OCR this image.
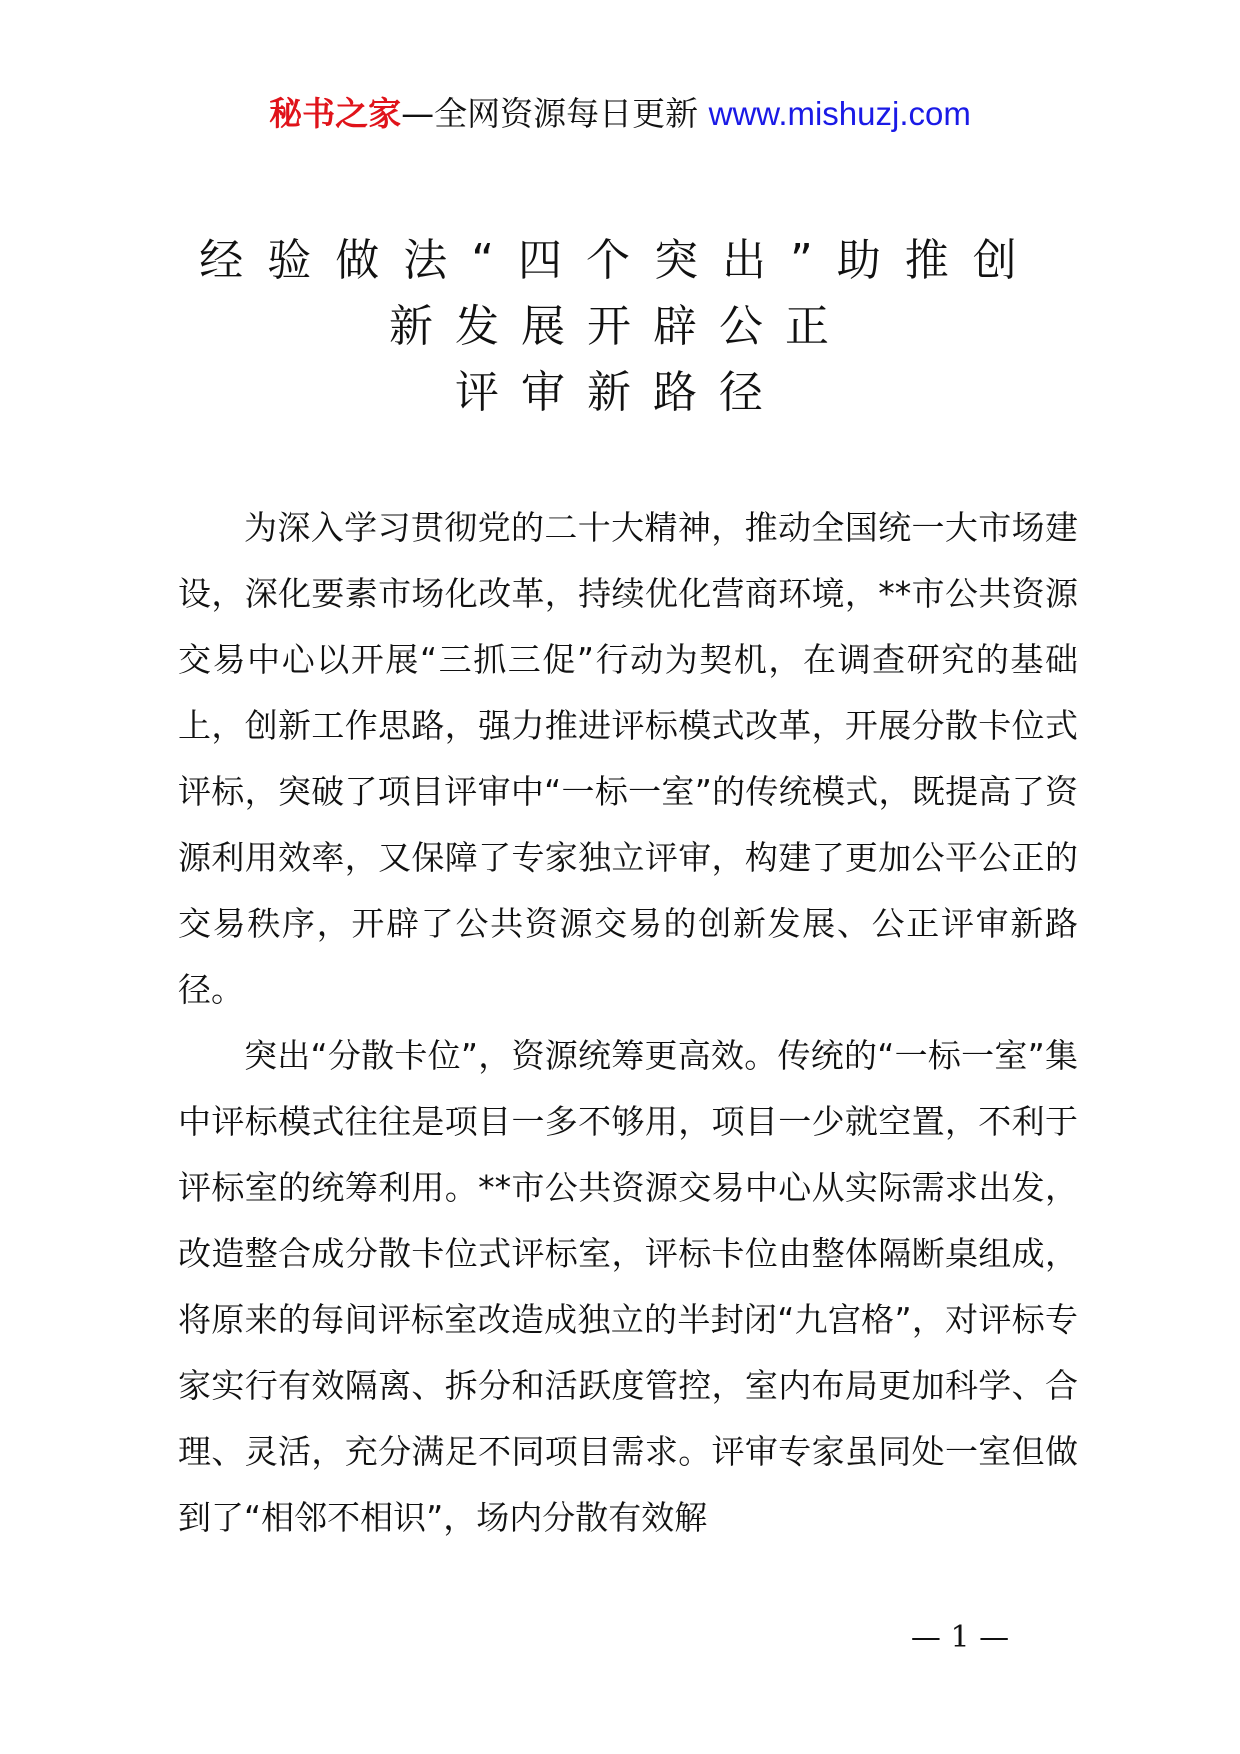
秘书之家—全网资源每日更新 www.mishuzj.com
经验做法“四个突出”助推创
新发展开辟公正
评审新路径

为深入学习贯彻党的二十大精神，推动全国统一大市场建设，深化要素市场化改革，持续优化营商环境，**市公共资源交易中心以开展“三抓三促”行动为契机，在调查研究的基础上，创新工作思路，强力推进评标模式改革，开展分散卡位式评标，突破了项目评审中“一标一室”的传统模式，既提高了资源利用效率，又保障了专家独立评审，构建了更加公平公正的交易秩序，开辟了公共资源交易的创新发展、公正评审新路径。

突出“分散卡位”，资源统筹更高效。传统的“一标一室”集中评标模式往往是项目一多不够用，项目一少就空置，不利于评标室的统筹利用。**市公共资源交易中心从实际需求出发，改造整合成分散卡位式评标室，评标卡位由整体隔断桌组成，将原来的每间评标室改造成独立的半封闭“九宫格”，对评标专家实行有效隔离、拆分和活跃度管控，室内布局更加科学、合理、灵活，充分满足不同项目需求。评审专家虽同处一室但做到了“相邻不相识”，场内分散有效解

— 1 —
